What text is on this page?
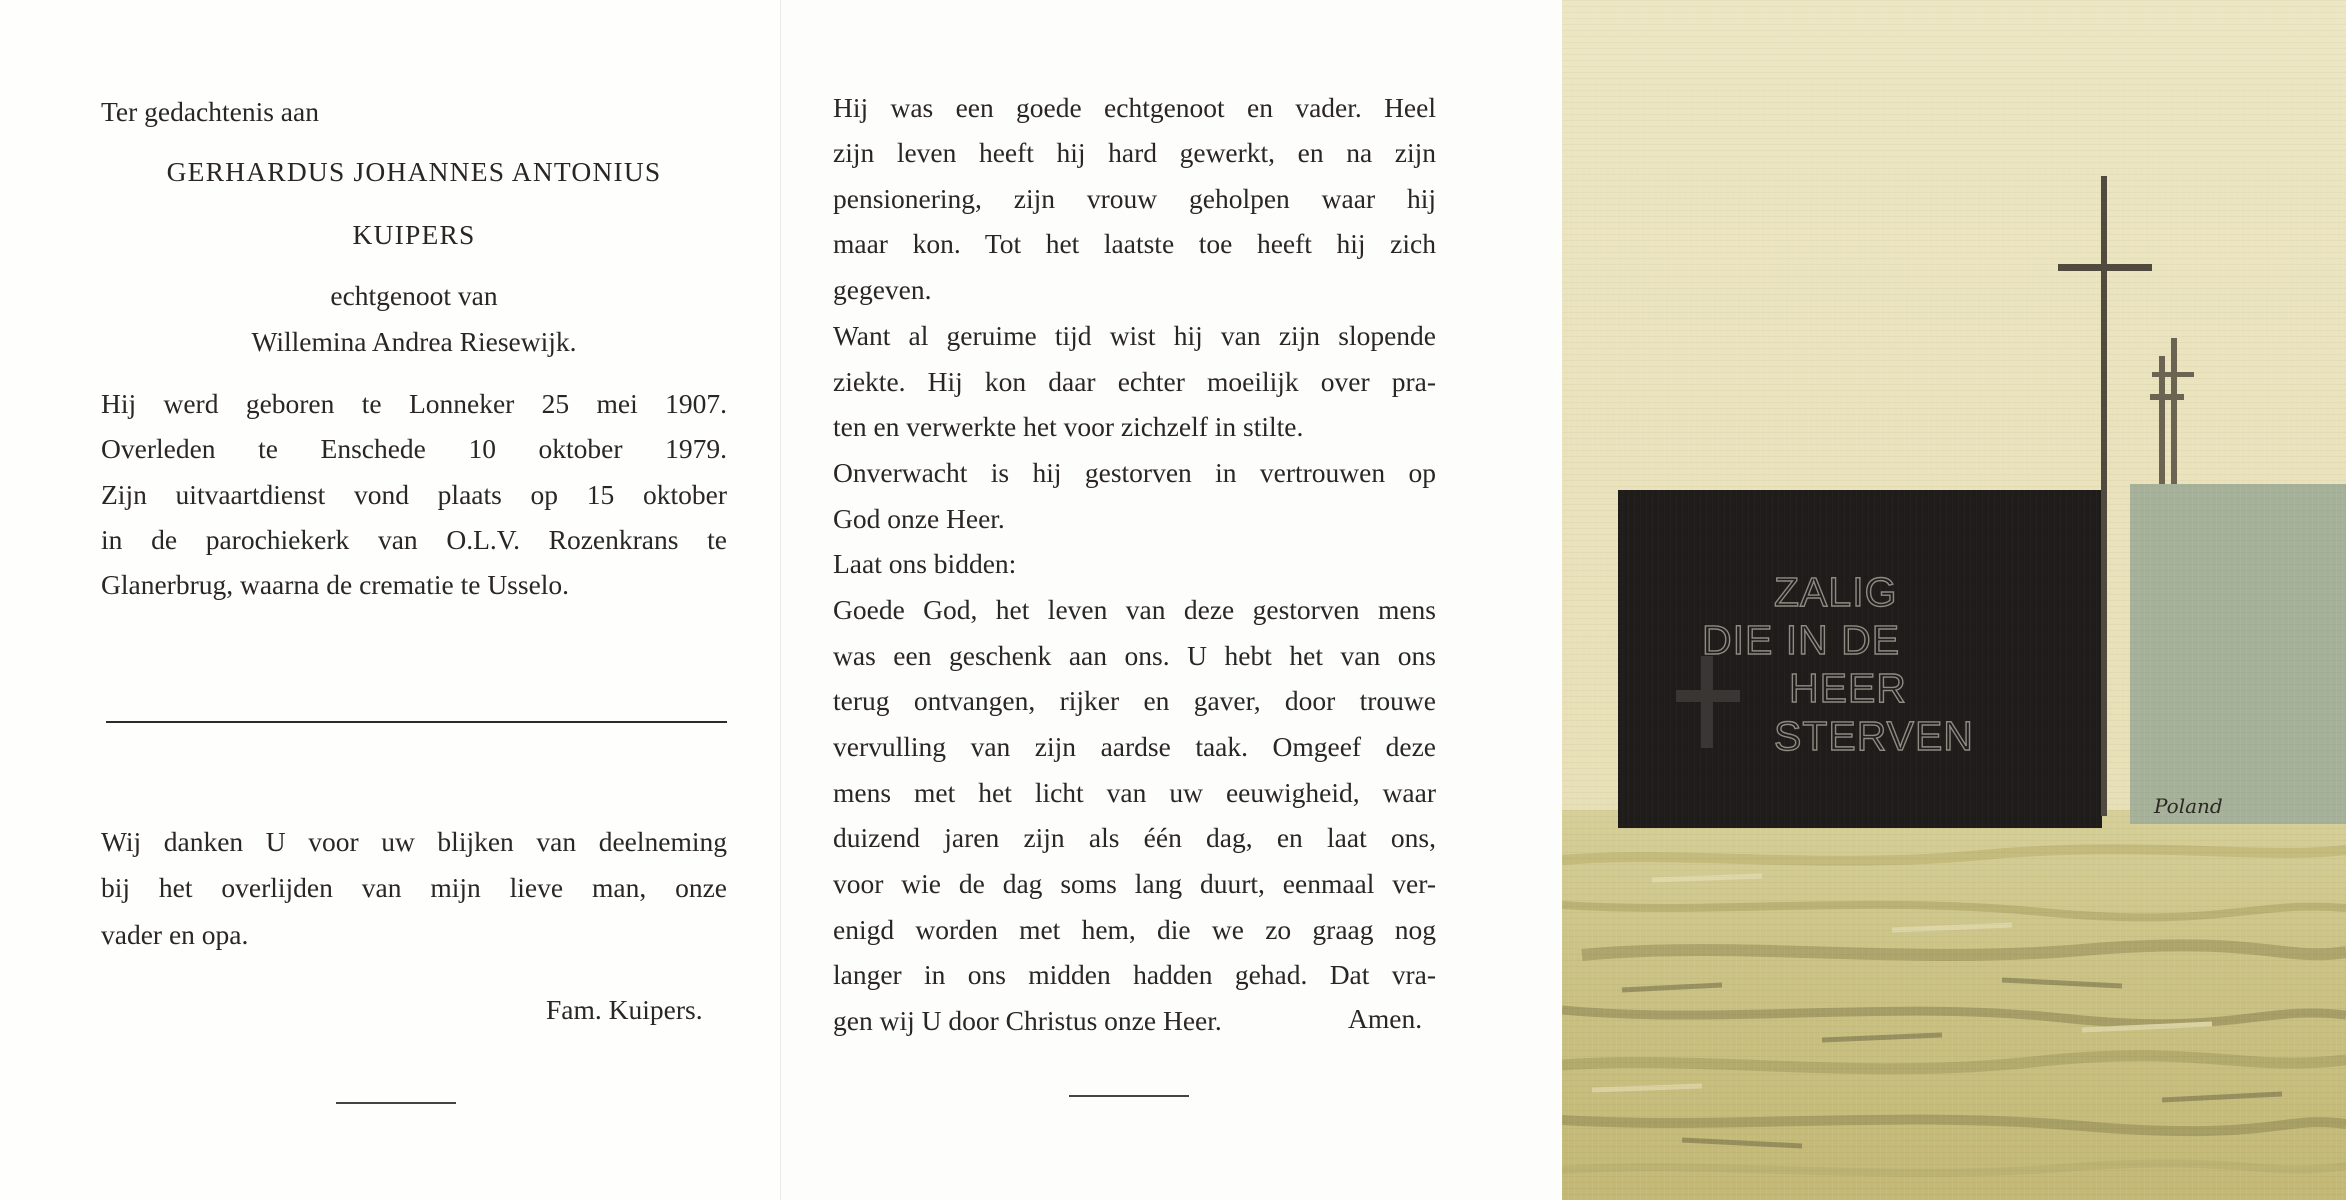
Ter gedachtenis aan
GERHARDUS JOHANNES ANTONIUS
KUIPERS
echtgenoot van
Willemina Andrea Riesewijk.
Hij werd geboren te Lonneker 25 mei 1907.
Overleden te Enschede 10 oktober 1979.
Zijn uitvaartdienst vond plaats op 15 oktober
in de parochiekerk van O.L.V. Rozenkrans te
Glanerbrug, waarna de crematie te Usselo.
Wij danken U voor uw blijken van deelneming
bij het overlijden van mijn lieve man, onze
vader en opa.
Fam. Kuipers.
Hij was een goede echtgenoot en vader. Heel
zijn leven heeft hij hard gewerkt, en na zijn
pensionering, zijn vrouw geholpen waar hij
maar kon. Tot het laatste toe heeft hij zich
gegeven.
Want al geruime tijd wist hij van zijn slopende
ziekte. Hij kon daar echter moeilijk over pra-
ten en verwerkte het voor zichzelf in stilte.
Onverwacht is hij gestorven in vertrouwen op
God onze Heer.
Laat ons bidden:
Goede God, het leven van deze gestorven mens
was een geschenk aan ons. U hebt het van ons
terug ontvangen, rijker en gaver, door trouwe
vervulling van zijn aardse taak. Omgeef deze
mens met het licht van uw eeuwigheid, waar
duizend jaren zijn als één dag, en laat ons,
voor wie de dag soms lang duurt, eenmaal ver-
enigd worden met hem, die we zo graag nog
langer in ons midden hadden gehad. Dat vra-
gen wij U door Christus onze Heer.	Amen.
ZALIG
DIE IN DE
HEER
STERVEN
Poland
